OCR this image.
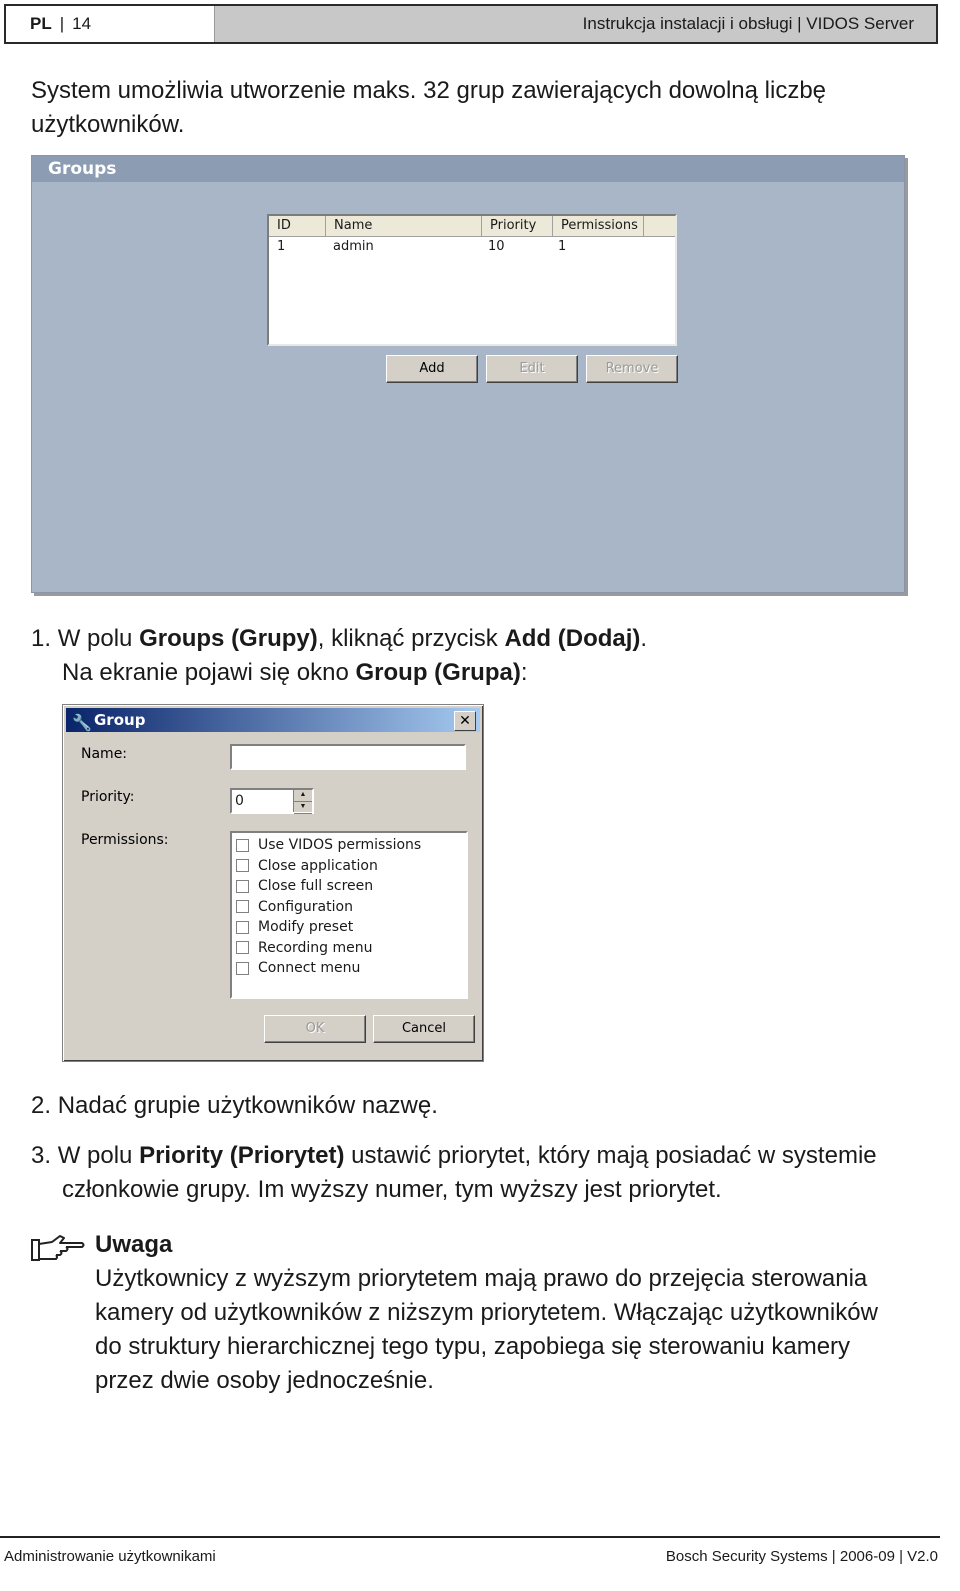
PL | 14	Instrukcja instalacji i obsługi | VIDOS Server
System umożliwia utworzenie maks. 32 grup zawierających dowolną liczbę użytkowników.
Groups
ID	Name	Priority	Permissions
1	admin	10	1
Add	Edit	Remove
1. W polu Groups (Grupy), kliknąć przycisk Add (Dodaj).
Na ekranie pojawi się okno Group (Grupa):
🔧 Group	✕
Name:
Priority:	0	▲
▼
Permissions:	Use VIDOS permissions
Close application
Close full screen
Configuration
Modify preset
Recording menu
Connect menu
OK	Cancel
2. Nadać grupie użytkowników nazwę.
3. W polu Priority (Priorytet) ustawić priorytet, który mają posiadać w systemie
członkowie grupy. Im wyższy numer, tym wyższy jest priorytet.
Uwaga
Użytkownicy z wyższym priorytetem mają prawo do przejęcia sterowania
kamery od użytkowników z niższym priorytetem. Włączając użytkowników
do struktury hierarchicznej tego typu, zapobiega się sterowaniu kamery
przez dwie osoby jednocześnie.
Administrowanie użytkownikami	Bosch Security Systems | 2006-09 | V2.0
